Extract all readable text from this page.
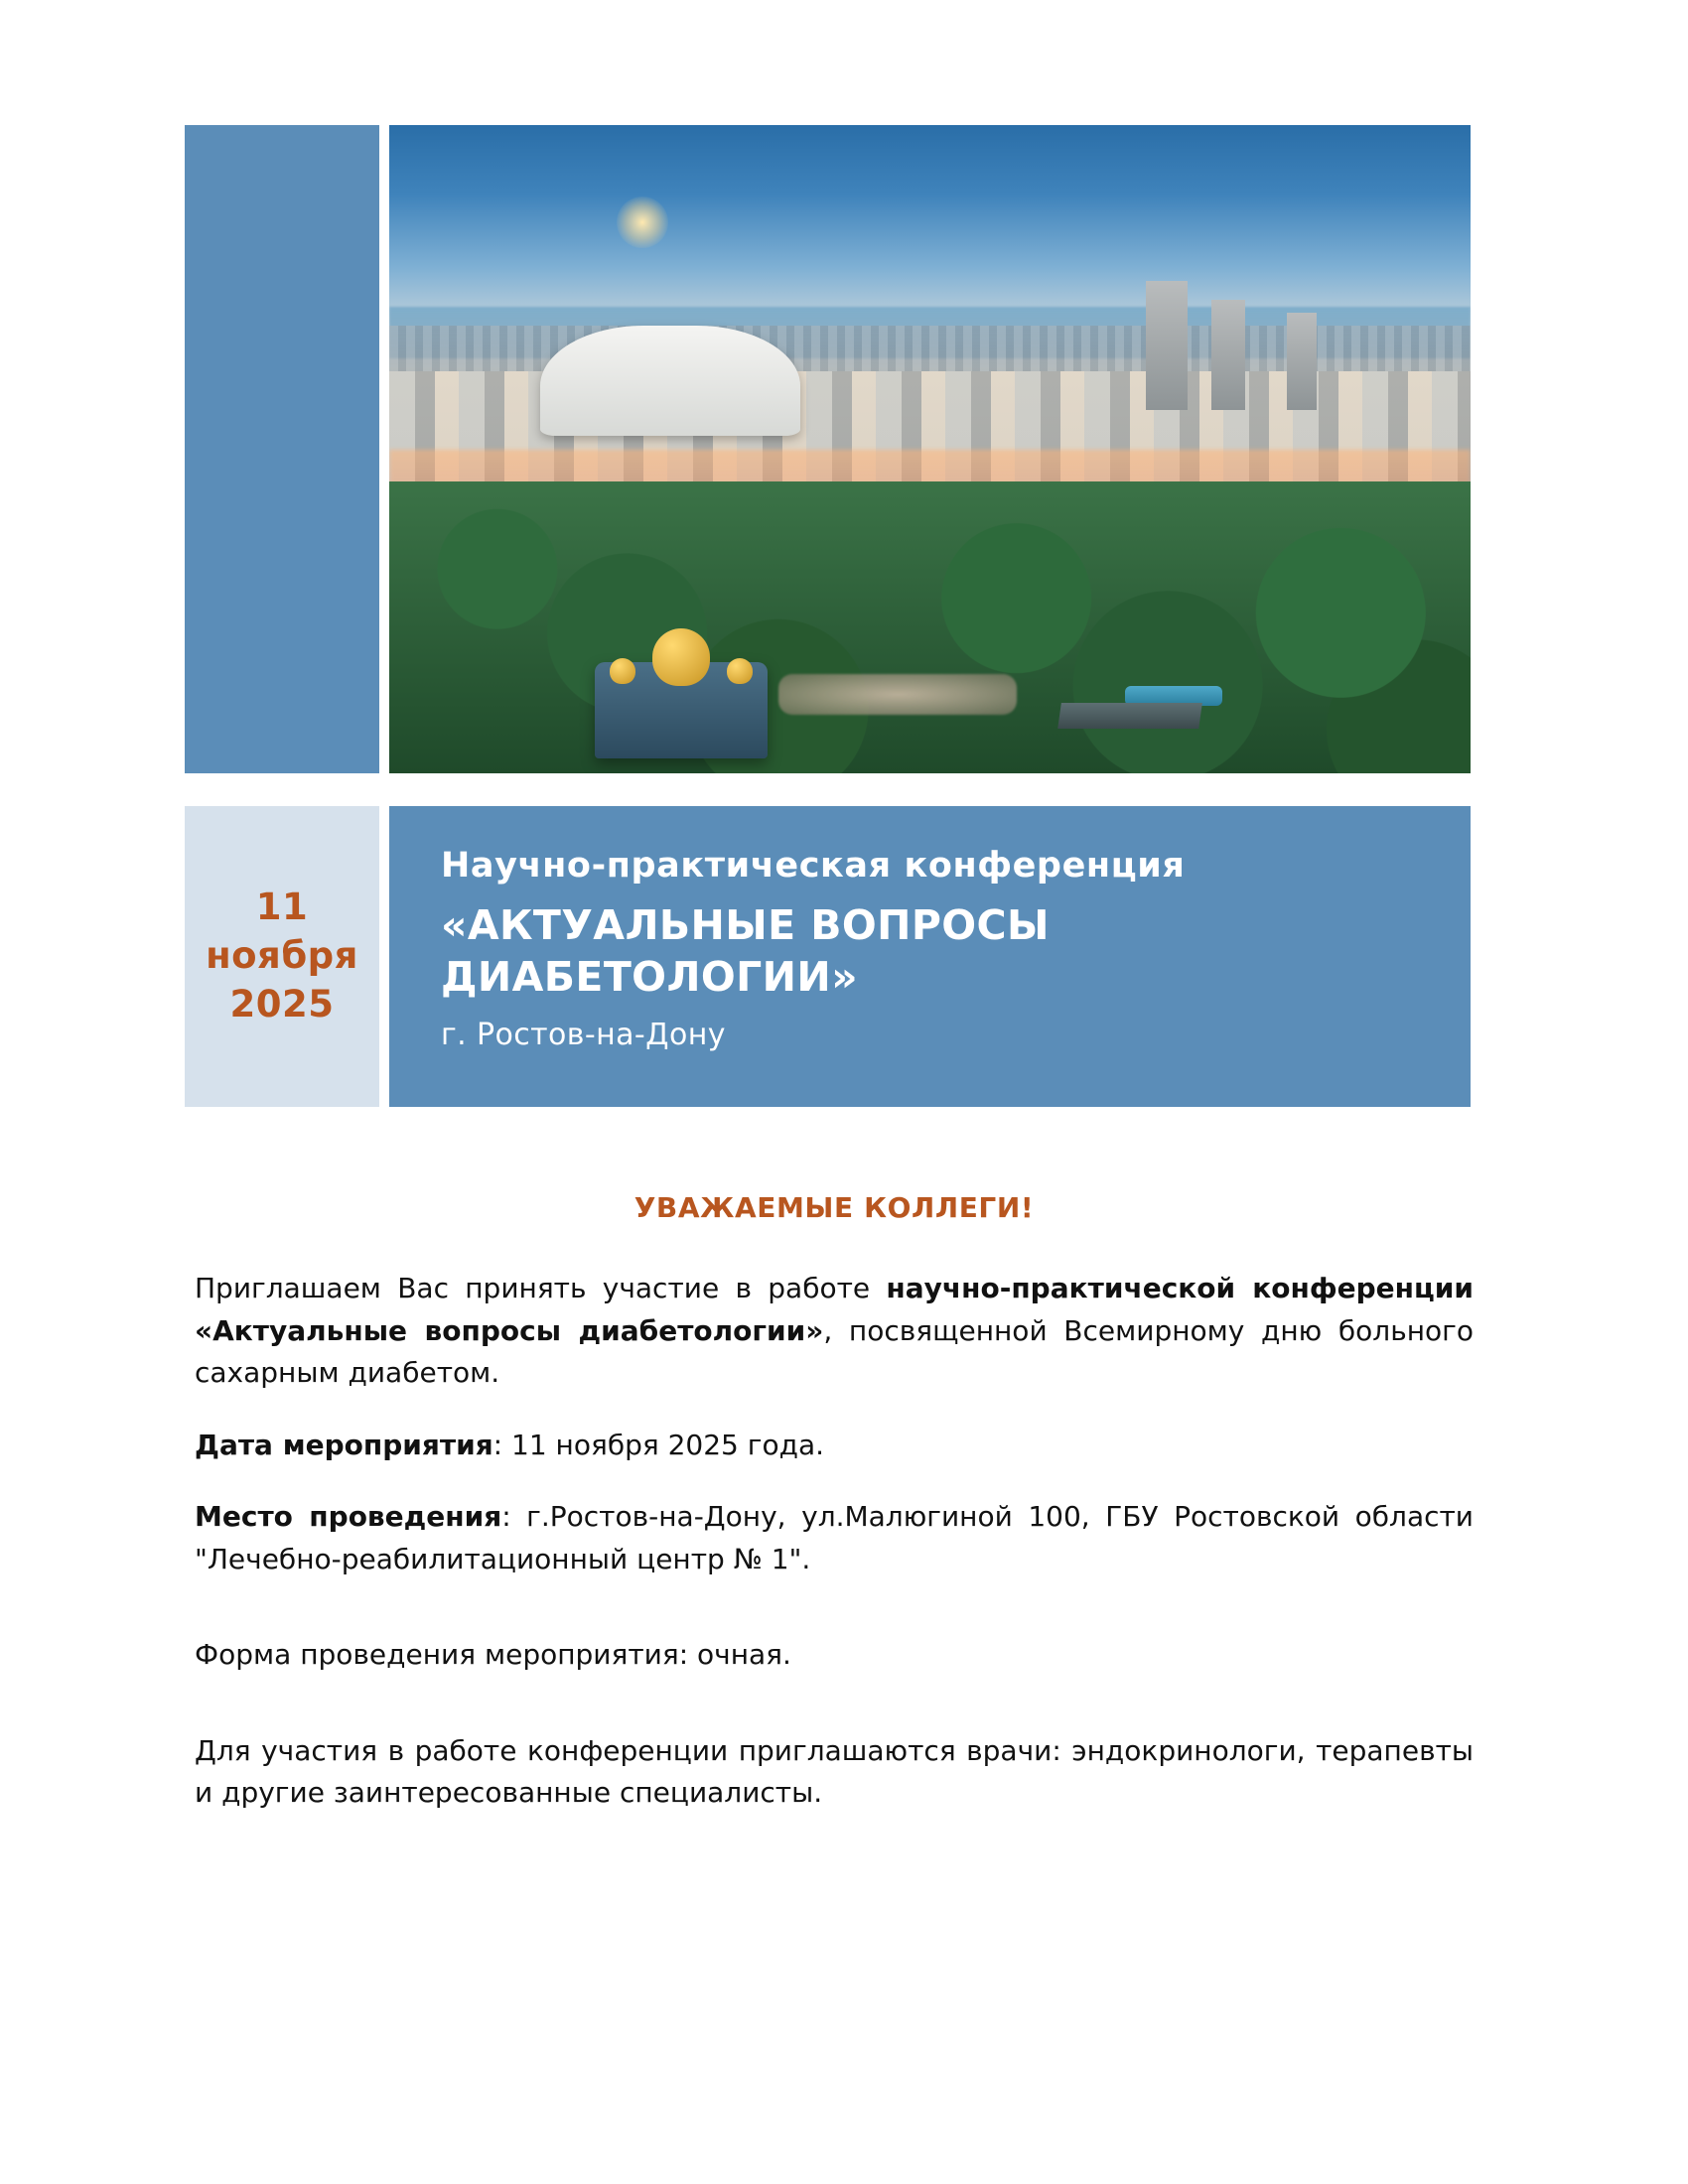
11
ноября
2025
Научно-практическая конференция
«АКТУАЛЬНЫЕ ВОПРОСЫ ДИАБЕТОЛОГИИ»
г. Ростов-на-Дону
УВАЖАЕМЫЕ КОЛЛЕГИ!

Приглашаем Вас принять участие в работе научно-практической конференции «Актуальные вопросы диабетологии», посвященной Всемирному дню больного сахарным диабетом.

Дата мероприятия: 11 ноября 2025 года.

Место проведения: г.Ростов-на-Дону, ул.Малюгиной 100, ГБУ Ростовской области "Лечебно-реабилитационный центр № 1".

Форма проведения мероприятия: очная.

Для участия в работе конференции приглашаются врачи: эндокринологи, терапевты и другие заинтересованные специалисты.
